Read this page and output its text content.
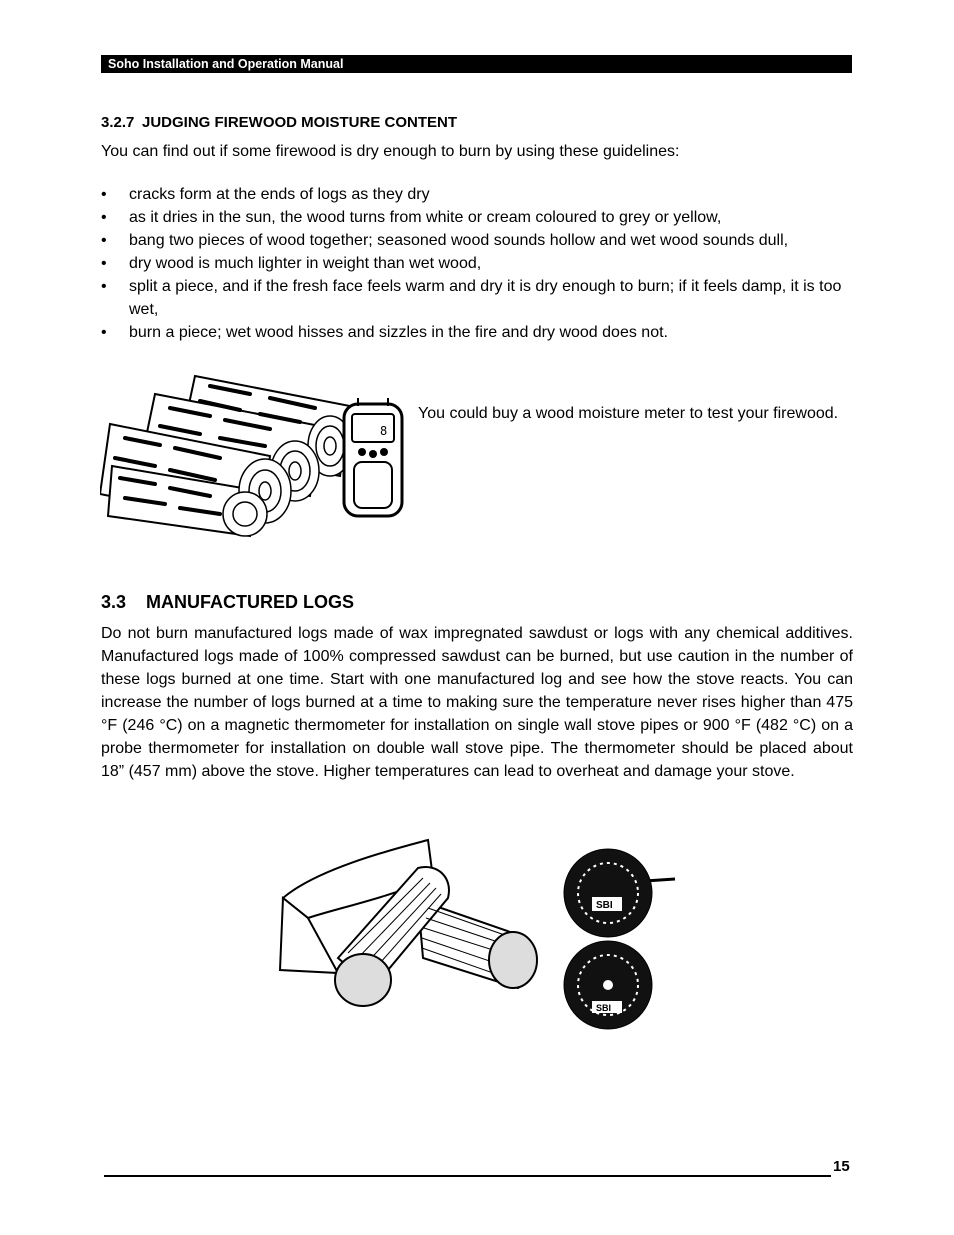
Soho Installation and Operation Manual
3.2.7 JUDGING FIREWOOD MOISTURE CONTENT
You can find out if some firewood is dry enough to burn by using these guidelines:
• cracks form at the ends of logs as they dry
• as it dries in the sun, the wood turns from white or cream coloured to grey or yellow,
• bang two pieces of wood together; seasoned wood sounds hollow and wet wood sounds dull,
• dry wood is much lighter in weight than wet wood,
• split a piece, and if the fresh face feels warm and dry it is dry enough to burn; if it feels damp, it is too wet,
• burn a piece; wet wood hisses and sizzles in the fire and dry wood does not.
8
You could buy a wood moisture meter to test your firewood.
3.3 MANUFACTURED LOGS

Do not burn manufactured logs made of wax impregnated sawdust or logs with any chemical additives. Manufactured logs made of 100% compressed sawdust can be burned, but use caution in the number of these logs burned at one time. Start with one manufactured log and see how the stove reacts. You can increase the number of logs burned at a time to making sure the temperature never rises higher than 475 °F (246 °C) on a magnetic thermometer for installation on single wall stove pipes or 900 °F (482 °C) on a probe thermometer for installation on double wall stove pipe. The thermometer should be placed about 18” (457 mm) above the stove. Higher temperatures can lead to overheat and damage your stove.

SBI
SBI
15
